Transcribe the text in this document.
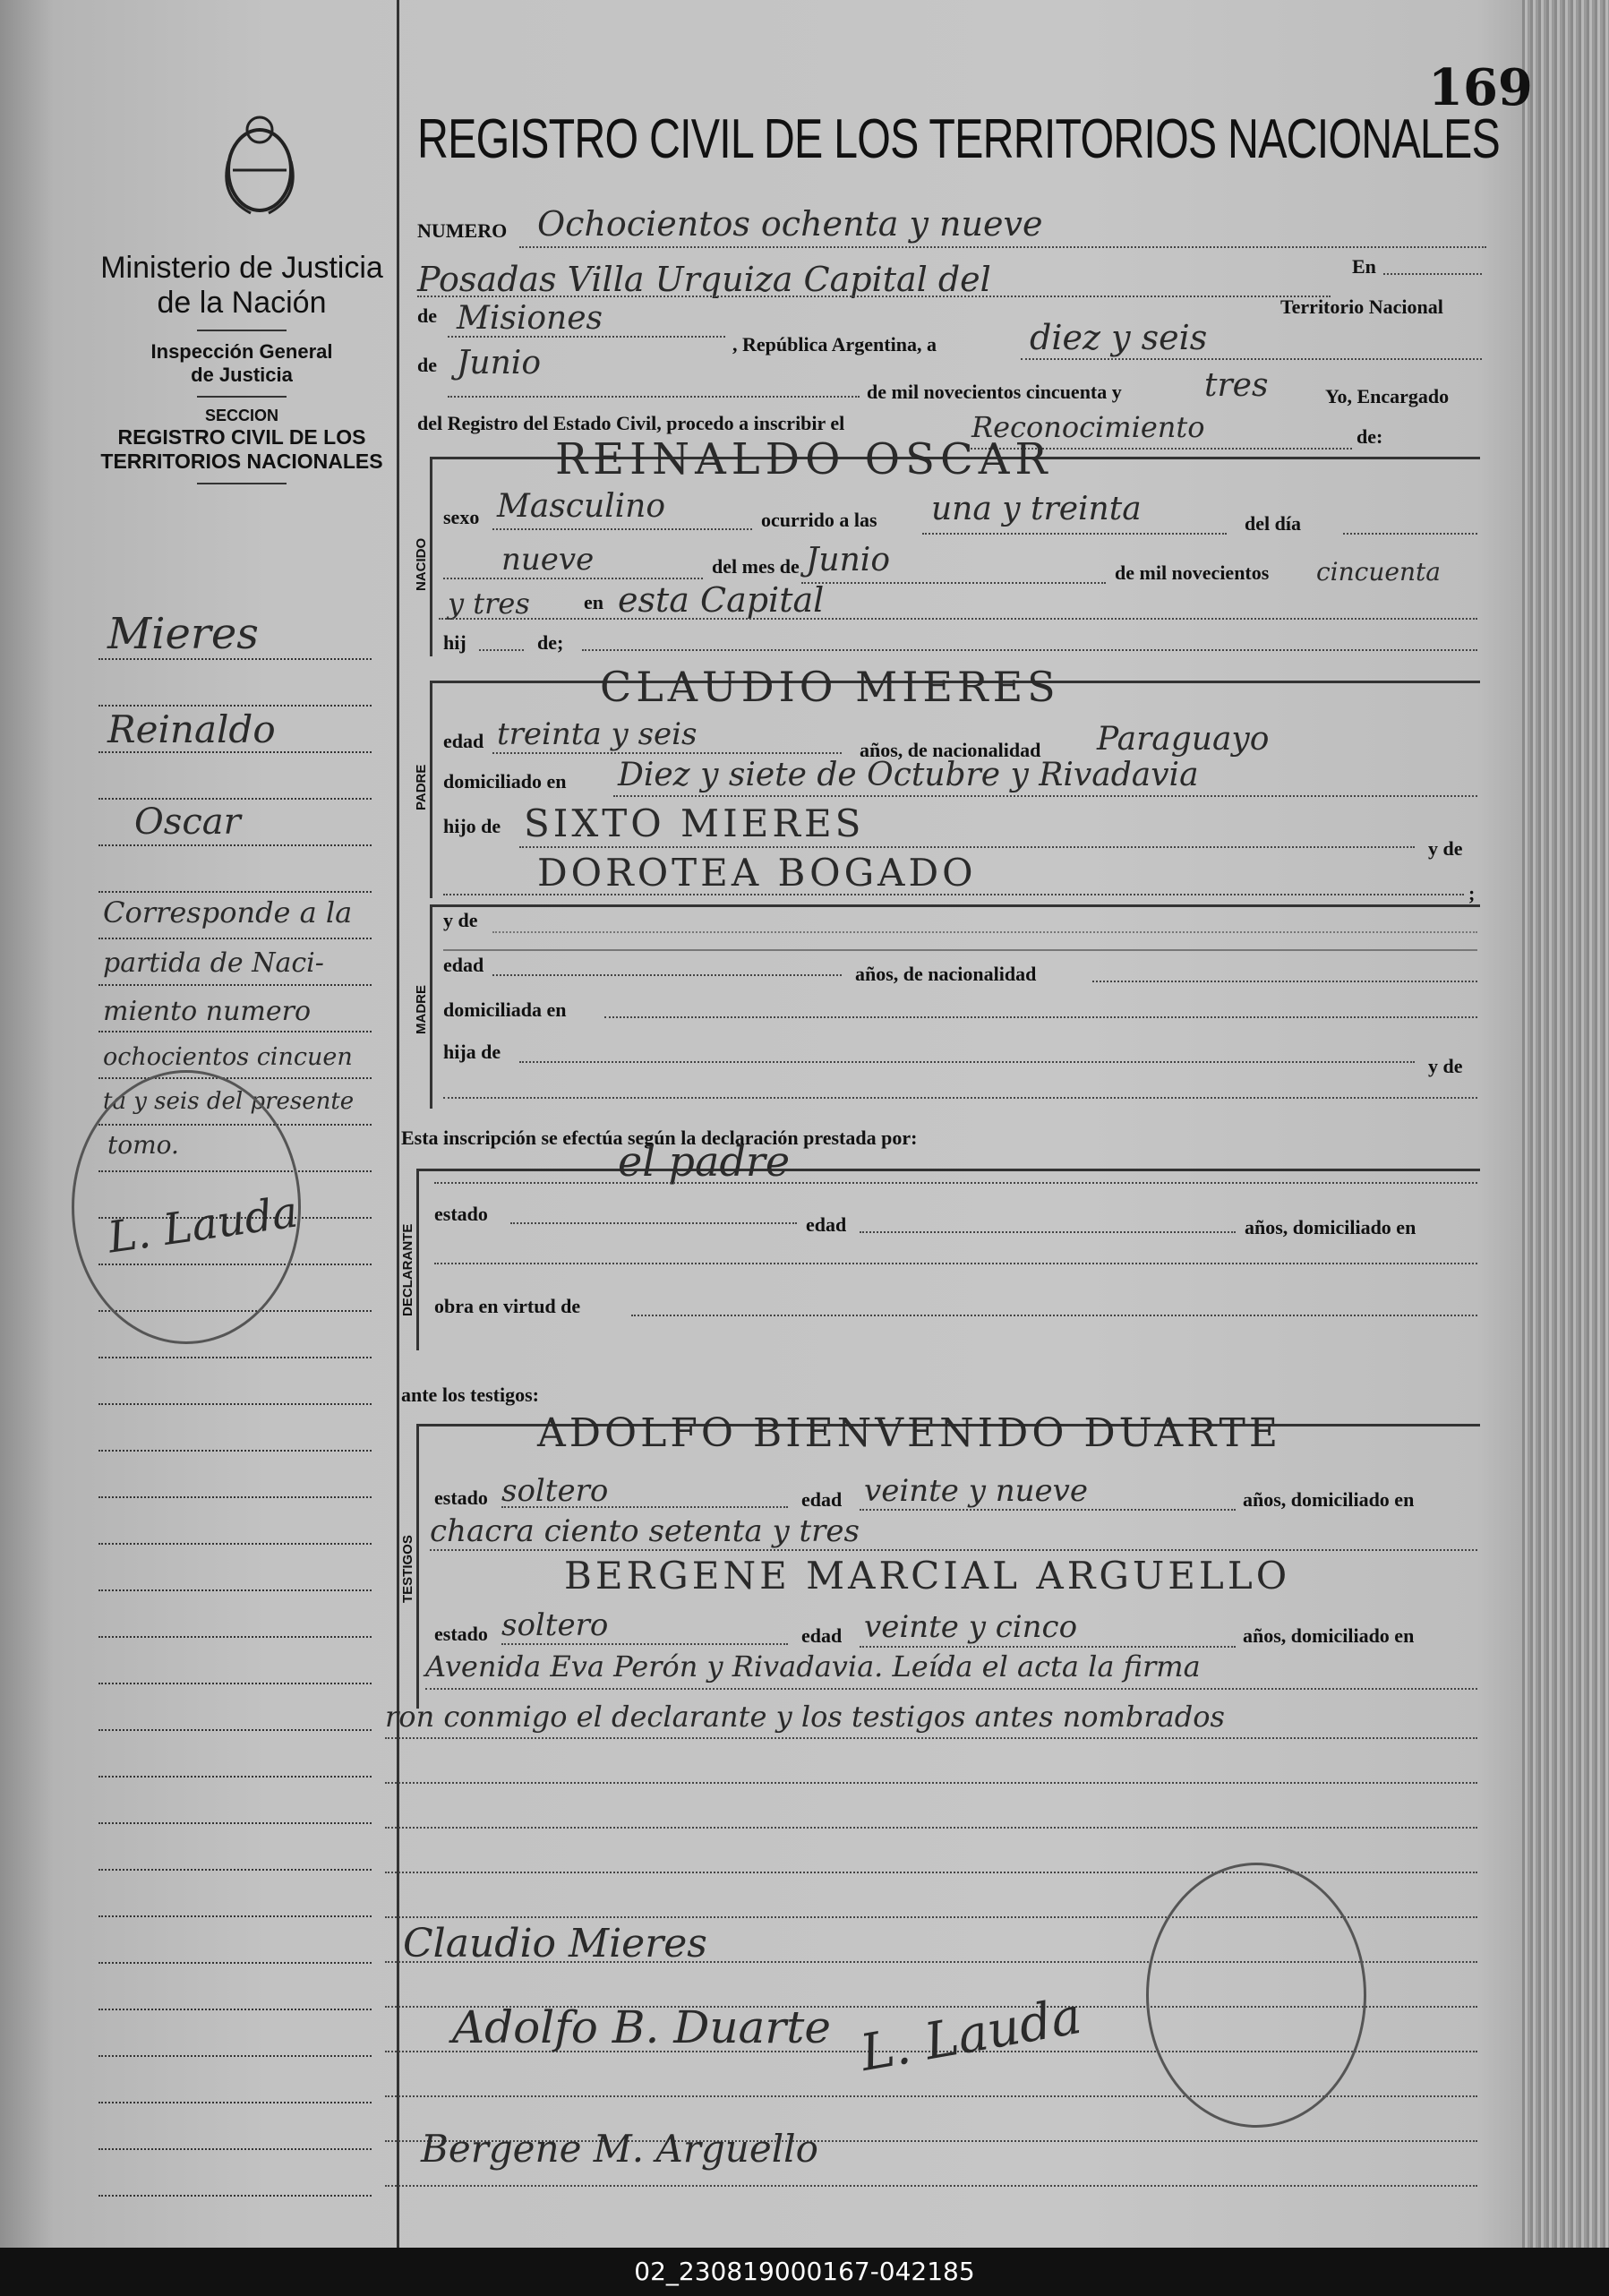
169
Ministerio de Justicia
de la Nación
Inspección General
de Justicia
SECCION
REGISTRO CIVIL DE LOS
TERRITORIOS NACIONALES
Mieres
Reinaldo
Oscar
Corresponde a la
partida de Naci-
miento numero
ochocientos cincuen
ta y seis del presente
tomo.
L. Lauda
REGISTRO CIVIL DE LOS TERRITORIOS NACIONALES
NUMERO Ochocientos ochenta y nueve
Posadas Villa Urquiza Capital del	En
de Misiones
, República Argentina, a	diez y seis
Territorio Nacional
de Junio
de mil novecientos cincuenta y	tres	Yo, Encargado
del Registro del Estado Civil, procedo a inscribir el	Reconocimiento	de:
NACIDO
REINALDO OSCAR
sexo Masculino	ocurrido a las una y treinta	del día
nueve	del mes de Junio	de mil novecientos cincuenta
y tres	en esta Capital
hij	de;
PADRE
CLAUDIO MIERES
edad treinta y seis	años, de nacionalidad Paraguayo
domiciliado en Diez y siete de Octubre y Rivadavia
hijo de SIXTO MIERES
y de
DOROTEA BOGADO	;
MADRE
y de
edad	años, de nacionalidad
domiciliada en
hija de
y de
Esta inscripción se efectúa según la declaración prestada por:
DECLARANTE
el padre
estado	edad	años, domiciliado en
obra en virtud de
ante los testigos:
TESTIGOS
ADOLFO BIENVENIDO DUARTE
estado soltero	edad veinte y nueve	años, domiciliado en
chacra ciento setenta y tres
BERGENE MARCIAL ARGUELLO
estado soltero	edad veinte y cinco	años, domiciliado en
Avenida Eva Perón y Rivadavia. Leída el acta la firma
ron conmigo el declarante y los testigos antes nombrados
Claudio Mieres
Adolfo B. Duarte L. Lauda
Bergene M. Arguello
02_230819000167-042185
